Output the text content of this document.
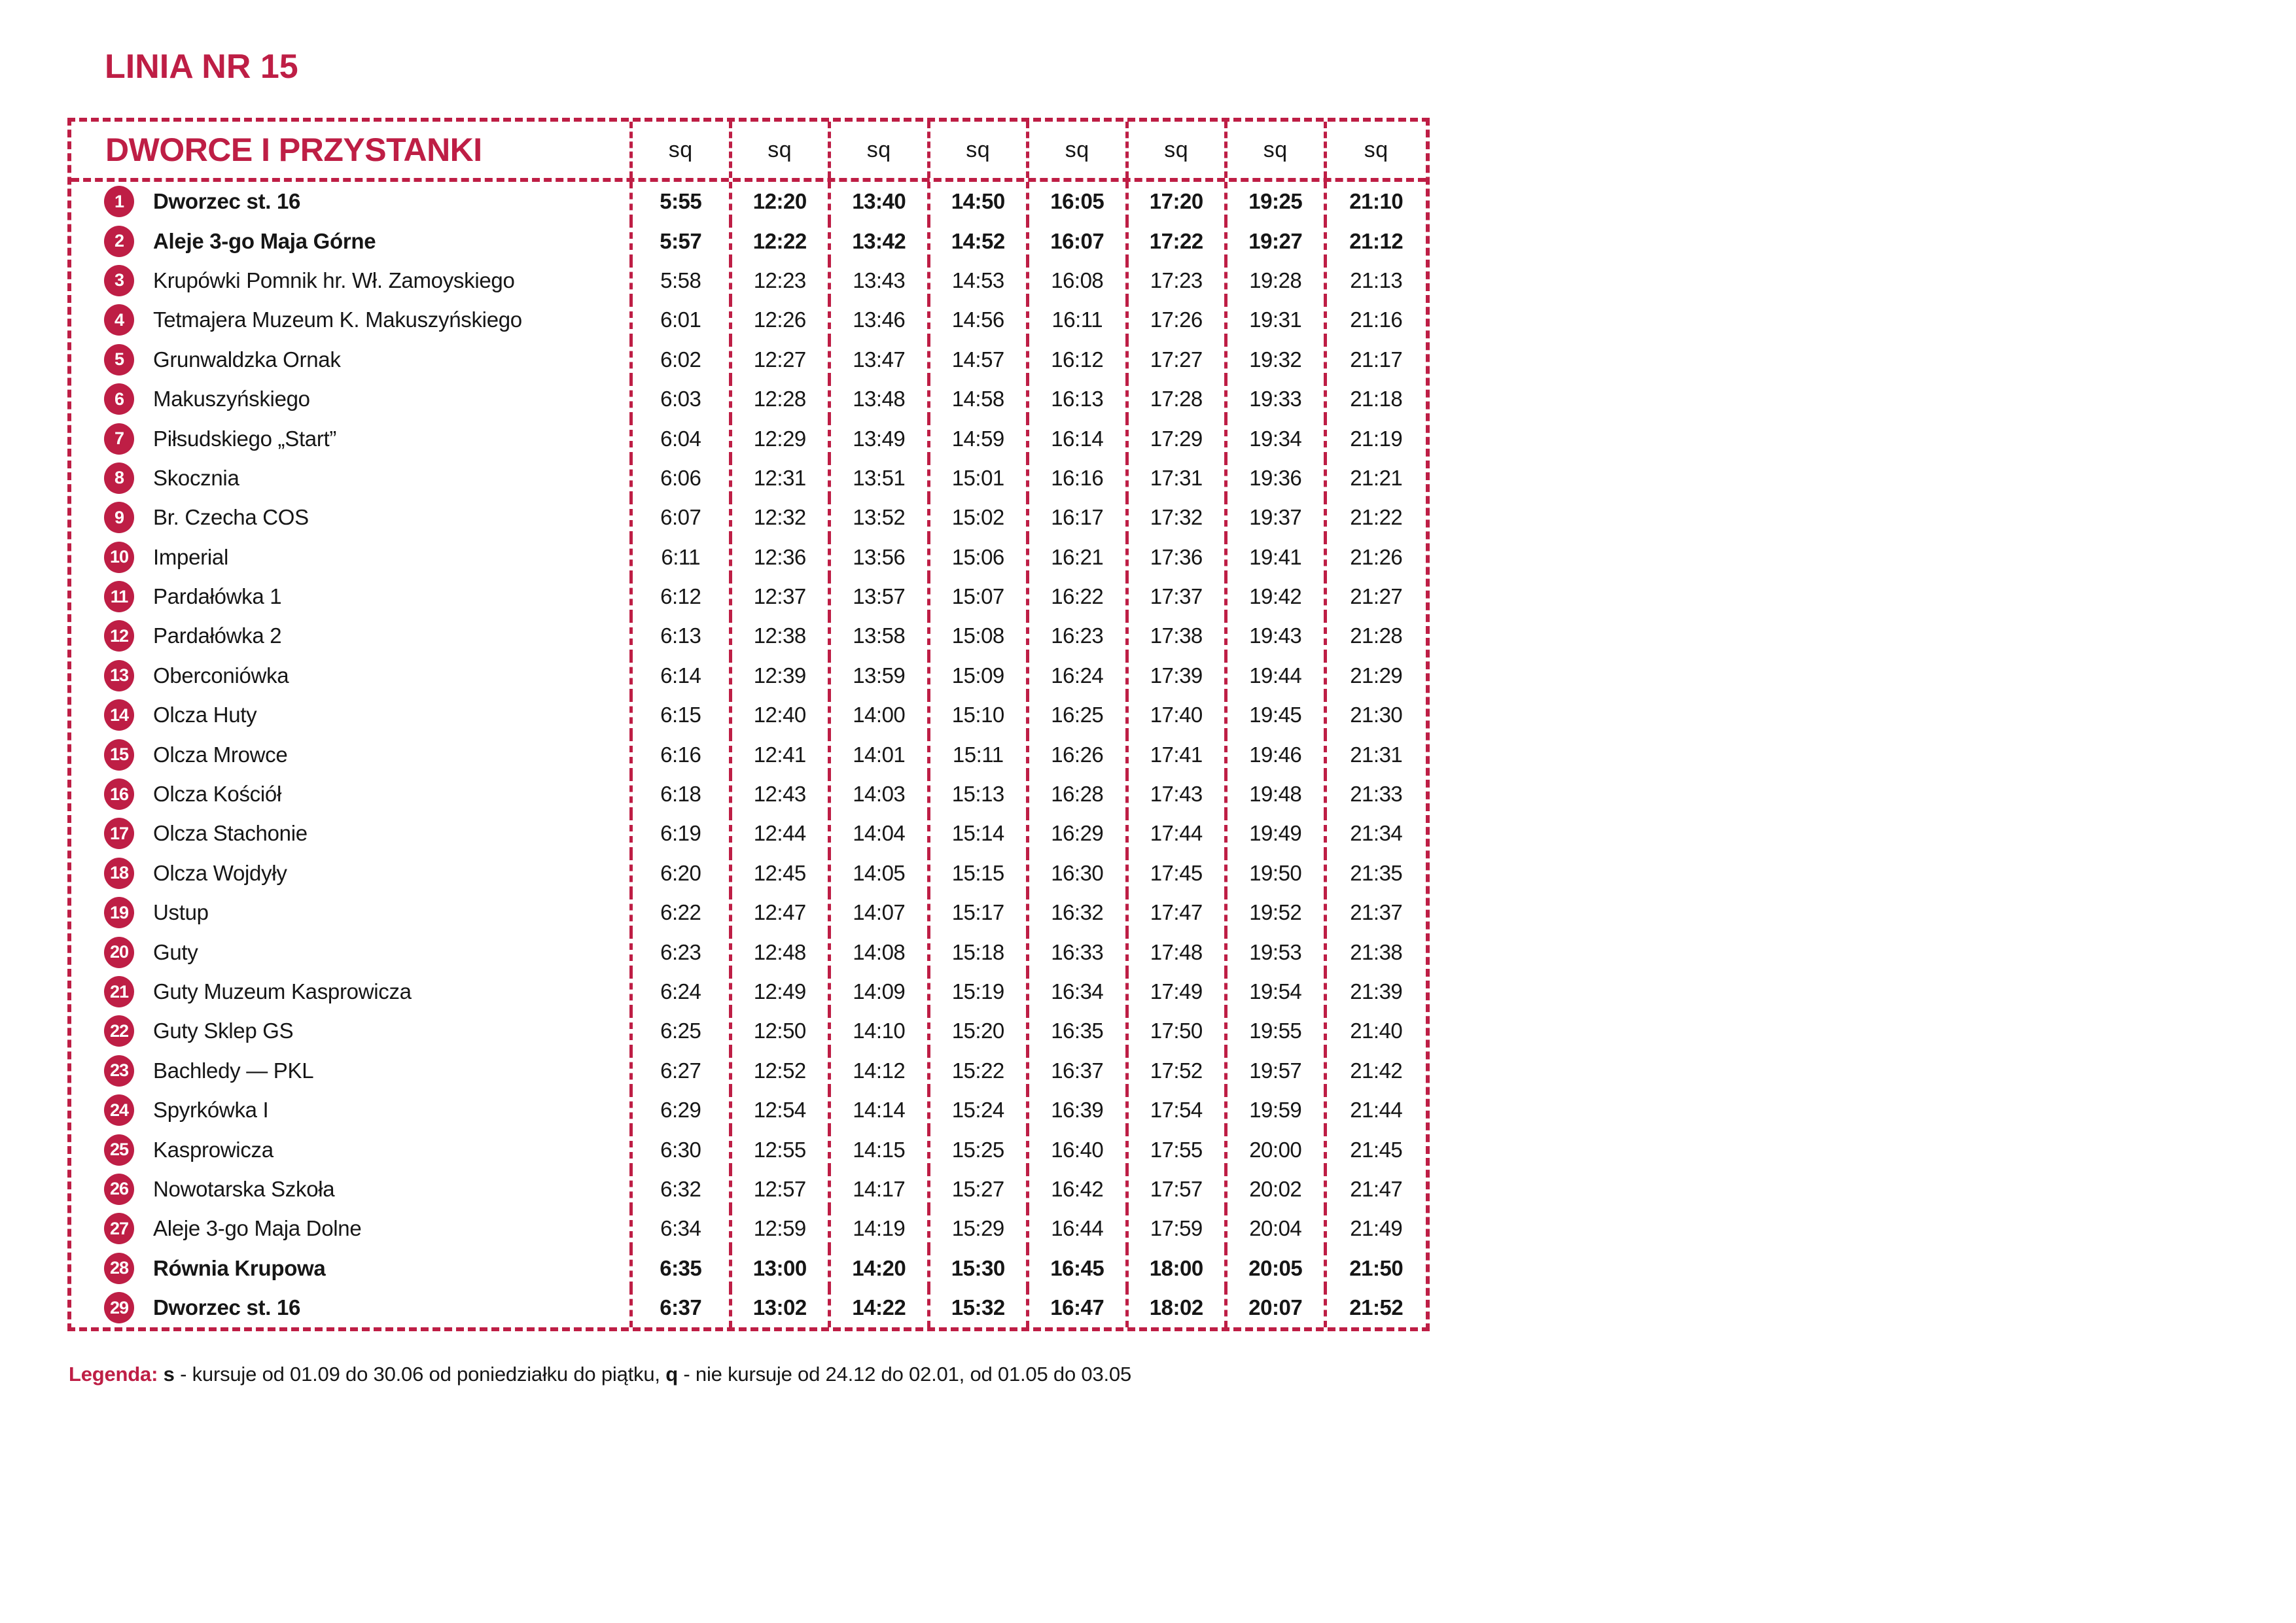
LINIA NR 15
DWORCE I PRZYSTANKI	sq	sq	sq	sq	sq	sq	sq	sq
1 Dworzec st. 16	5:55	12:20	13:40	14:50	16:05	17:20	19:25	21:10
2 Aleje 3-go Maja Górne	5:57	12:22	13:42	14:52	16:07	17:22	19:27	21:12
3 Krupówki Pomnik hr. Wł. Zamoyskiego	5:58	12:23	13:43	14:53	16:08	17:23	19:28	21:13
4 Tetmajera Muzeum K. Makuszyńskiego	6:01	12:26	13:46	14:56	16:11	17:26	19:31	21:16
5 Grunwaldzka Ornak	6:02	12:27	13:47	14:57	16:12	17:27	19:32	21:17
6 Makuszyńskiego	6:03	12:28	13:48	14:58	16:13	17:28	19:33	21:18
7 Piłsudskiego „Start”	6:04	12:29	13:49	14:59	16:14	17:29	19:34	21:19
8 Skocznia	6:06	12:31	13:51	15:01	16:16	17:31	19:36	21:21
9 Br. Czecha COS	6:07	12:32	13:52	15:02	16:17	17:32	19:37	21:22
10 Imperial	6:11	12:36	13:56	15:06	16:21	17:36	19:41	21:26
11 Pardałówka 1	6:12	12:37	13:57	15:07	16:22	17:37	19:42	21:27
12 Pardałówka 2	6:13	12:38	13:58	15:08	16:23	17:38	19:43	21:28
13 Oberconiówka	6:14	12:39	13:59	15:09	16:24	17:39	19:44	21:29
14 Olcza Huty	6:15	12:40	14:00	15:10	16:25	17:40	19:45	21:30
15 Olcza Mrowce	6:16	12:41	14:01	15:11	16:26	17:41	19:46	21:31
16 Olcza Kościół	6:18	12:43	14:03	15:13	16:28	17:43	19:48	21:33
17 Olcza Stachonie	6:19	12:44	14:04	15:14	16:29	17:44	19:49	21:34
18 Olcza Wojdyły	6:20	12:45	14:05	15:15	16:30	17:45	19:50	21:35
19 Ustup	6:22	12:47	14:07	15:17	16:32	17:47	19:52	21:37
20 Guty	6:23	12:48	14:08	15:18	16:33	17:48	19:53	21:38
21 Guty Muzeum Kasprowicza	6:24	12:49	14:09	15:19	16:34	17:49	19:54	21:39
22 Guty Sklep GS	6:25	12:50	14:10	15:20	16:35	17:50	19:55	21:40
23 Bachledy — PKL	6:27	12:52	14:12	15:22	16:37	17:52	19:57	21:42
24 Spyrkówka I	6:29	12:54	14:14	15:24	16:39	17:54	19:59	21:44
25 Kasprowicza	6:30	12:55	14:15	15:25	16:40	17:55	20:00	21:45
26 Nowotarska Szkoła	6:32	12:57	14:17	15:27	16:42	17:57	20:02	21:47
27 Aleje 3-go Maja Dolne	6:34	12:59	14:19	15:29	16:44	17:59	20:04	21:49
28 Równia Krupowa	6:35	13:00	14:20	15:30	16:45	18:00	20:05	21:50
29 Dworzec st. 16	6:37	13:02	14:22	15:32	16:47	18:02	20:07	21:52

Legenda: s - kursuje od 01.09 do 30.06 od poniedziałku do piątku, q - nie kursuje od 24.12 do 02.01, od 01.05 do 03.05
